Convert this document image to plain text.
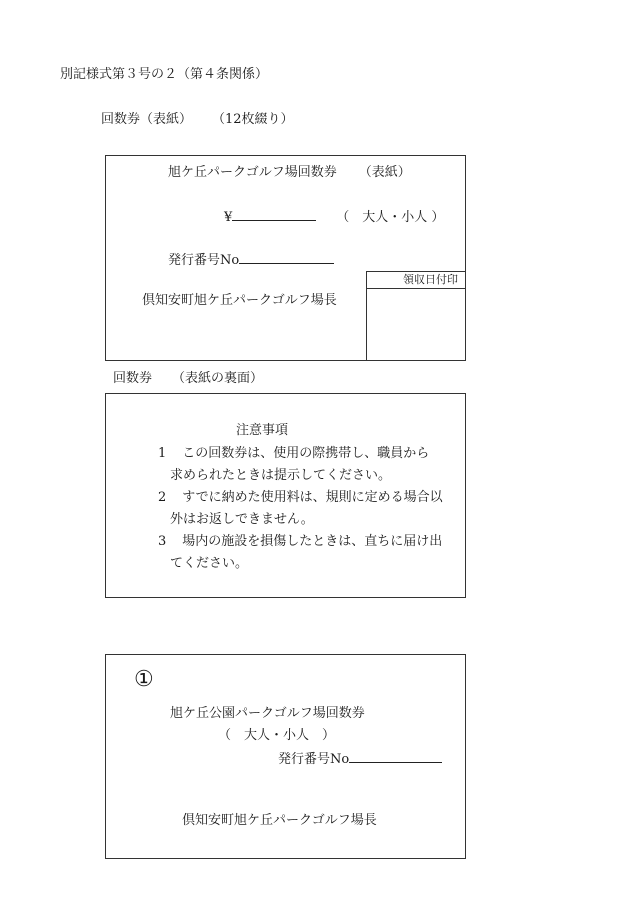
別記様式第３号の２（第４条関係）
回数券（表紙） （12枚綴り）
旭ケ丘パークゴルフ場回数券 （表紙）
¥	（　大人・小人 ）
発行番号No
倶知安町旭ケ丘パークゴルフ場長
領収日付印
回数券 （表紙の裏面）
注意事項
1 この回数券は、使用の際携帯し、職員から
求められたときは提示してください。
2 すでに納めた使用料は、規則に定める場合以
外はお返しできません。
3 場内の施設を損傷したときは、直ちに届け出
てください。
①
旭ケ丘公園パークゴルフ場回数券
（　大人・小人　）
発行番号No
倶知安町旭ケ丘パークゴルフ場長
